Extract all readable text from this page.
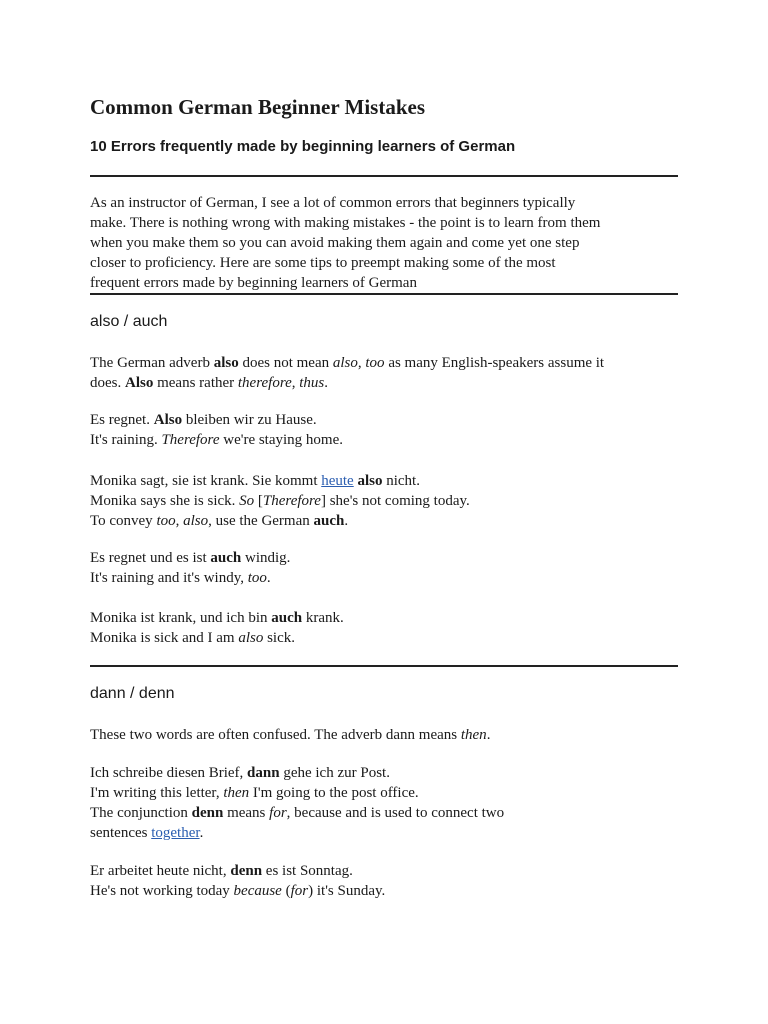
Common German Beginner Mistakes
10 Errors frequently made by beginning learners of German
As an instructor of German, I see a lot of common errors that beginners typically
make. There is nothing wrong with making mistakes - the point is to learn from them
when you make them so you can avoid making them again and come yet one step
closer to proficiency. Here are some tips to preempt making some of the most
frequent errors made by beginning learners of German
also / auch
The German adverb also does not mean also, too as many English-speakers assume it
does. Also means rather therefore, thus.
Es regnet. Also bleiben wir zu Hause.
It's raining. Therefore we're staying home.
Monika sagt, sie ist krank. Sie kommt heute also nicht.
Monika says she is sick. So [Therefore] she's not coming today.
To convey too, also, use the German auch.
Es regnet und es ist auch windig.
It's raining and it's windy, too.
Monika ist krank, und ich bin auch krank.
Monika is sick and I am also sick.
dann / denn
These two words are often confused. The adverb dann means then.
Ich schreibe diesen Brief, dann gehe ich zur Post.
I'm writing this letter, then I'm going to the post office.
The conjunction denn means for, because and is used to connect two
sentences together.
Er arbeitet heute nicht, denn es ist Sonntag.
He's not working today because (for) it's Sunday.
